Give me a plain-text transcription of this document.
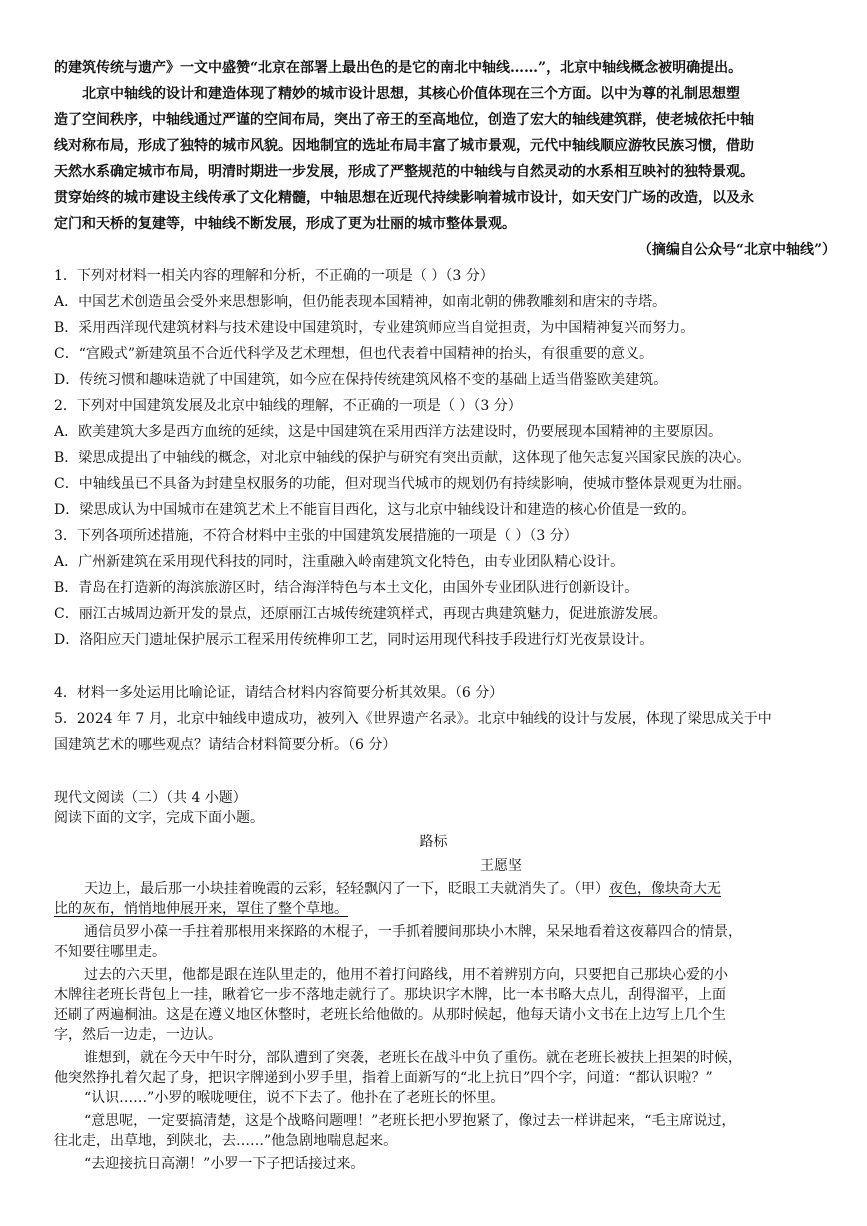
的建筑传统与遗产》一文中盛赞“北京在部署上最出色的是它的南北中轴线……”，北京中轴线概念被明确提出。
北京中轴线的设计和建造体现了精妙的城市设计思想，其核心价值体现在三个方面。以中为尊的礼制思想塑
造了空间秩序，中轴线通过严谨的空间布局，突出了帝王的至高地位，创造了宏大的轴线建筑群，使老城依托中轴
线对称布局，形成了独特的城市风貌。因地制宜的选址布局丰富了城市景观，元代中轴线顺应游牧民族习惯，借助
天然水系确定城市布局，明清时期进一步发展，形成了严整规范的中轴线与自然灵动的水系相互映衬的独特景观。
贯穿始终的城市建设主线传承了文化精髓，中轴思想在近现代持续影响着城市设计，如天安门广场的改造，以及永
定门和天桥的复建等，中轴线不断发展，形成了更为壮丽的城市整体景观。
（摘编自公众号“北京中轴线”）
1．下列对材料一相关内容的理解和分析，不正确的一项是（ ）（3 分）
A．中国艺术创造虽会受外来思想影响，但仍能表现本国精神，如南北朝的佛教雕刻和唐宋的寺塔。
B．采用西洋现代建筑材料与技术建设中国建筑时，专业建筑师应当自觉担责，为中国精神复兴而努力。
C．“宫殿式”新建筑虽不合近代科学及艺术理想，但也代表着中国精神的抬头，有很重要的意义。
D．传统习惯和趣味造就了中国建筑，如今应在保持传统建筑风格不变的基础上适当借鉴欧美建筑。
2．下列对中国建筑发展及北京中轴线的理解，不正确的一项是（ ）（3 分）
A．欧美建筑大多是西方血统的延续，这是中国建筑在采用西洋方法建设时，仍要展现本国精神的主要原因。
B．梁思成提出了中轴线的概念，对北京中轴线的保护与研究有突出贡献，这体现了他矢志复兴国家民族的决心。
C．中轴线虽已不具备为封建皇权服务的功能，但对现当代城市的规划仍有持续影响，使城市整体景观更为壮丽。
D．梁思成认为中国城市在建筑艺术上不能盲目西化，这与北京中轴线设计和建造的核心价值是一致的。
3．下列各项所述措施，不符合材料中主张的中国建筑发展措施的一项是（ ）（3 分）
A．广州新建筑在采用现代科技的同时，注重融入岭南建筑文化特色，由专业团队精心设计。
B．青岛在打造新的海滨旅游区时，结合海洋特色与本土文化，由国外专业团队进行创新设计。
C．丽江古城周边新开发的景点，还原丽江古城传统建筑样式，再现古典建筑魅力，促进旅游发展。
D．洛阳应天门遗址保护展示工程采用传统榫卯工艺，同时运用现代科技手段进行灯光夜景设计。
4．材料一多处运用比喻论证，请结合材料内容简要分析其效果。（6 分）
5．2024 年 7 月，北京中轴线申遗成功，被列入《世界遗产名录》。北京中轴线的设计与发展，体现了梁思成关于中
国建筑艺术的哪些观点？请结合材料简要分析。（6 分）
现代文阅读（二）（共 4 小题）
阅读下面的文字，完成下面小题。
路标
王愿坚
天边上，最后那一小块挂着晚霞的云彩，轻轻飘闪了一下，眨眼工夫就消失了。（甲）夜色，像块奇大无
比的灰布，悄悄地伸展开来，罩住了整个草地。
通信员罗小葆一手拄着那根用来探路的木棍子，一手抓着腰间那块小木牌，呆呆地看着这夜幕四合的情景，
不知要往哪里走。
过去的六天里，他都是跟在连队里走的，他用不着打问路线，用不着辨别方向，只要把自己那块心爱的小
木牌往老班长背包上一挂，瞅着它一步不落地走就行了。那块识字木牌，比一本书略大点儿，刮得溜平，上面
还刷了两遍桐油。这是在遵义地区休整时，老班长给他做的。从那时候起，他每天请小文书在上边写上几个生
字，然后一边走，一边认。
谁想到，就在今天中午时分，部队遭到了突袭，老班长在战斗中负了重伤。就在老班长被扶上担架的时候，
他突然挣扎着欠起了身，把识字牌递到小罗手里，指着上面新写的“北上抗日”四个字，问道：“都认识啦？”
“认识……”小罗的喉咙哽住，说不下去了。他扑在了老班长的怀里。
“意思呢，一定要搞清楚，这是个战略问题哩！”老班长把小罗抱紧了，像过去一样讲起来，“毛主席说过，
往北走，出草地，到陕北，去……”他急剧地喘息起来。
“去迎接抗日高潮！”小罗一下子把话接过来。
